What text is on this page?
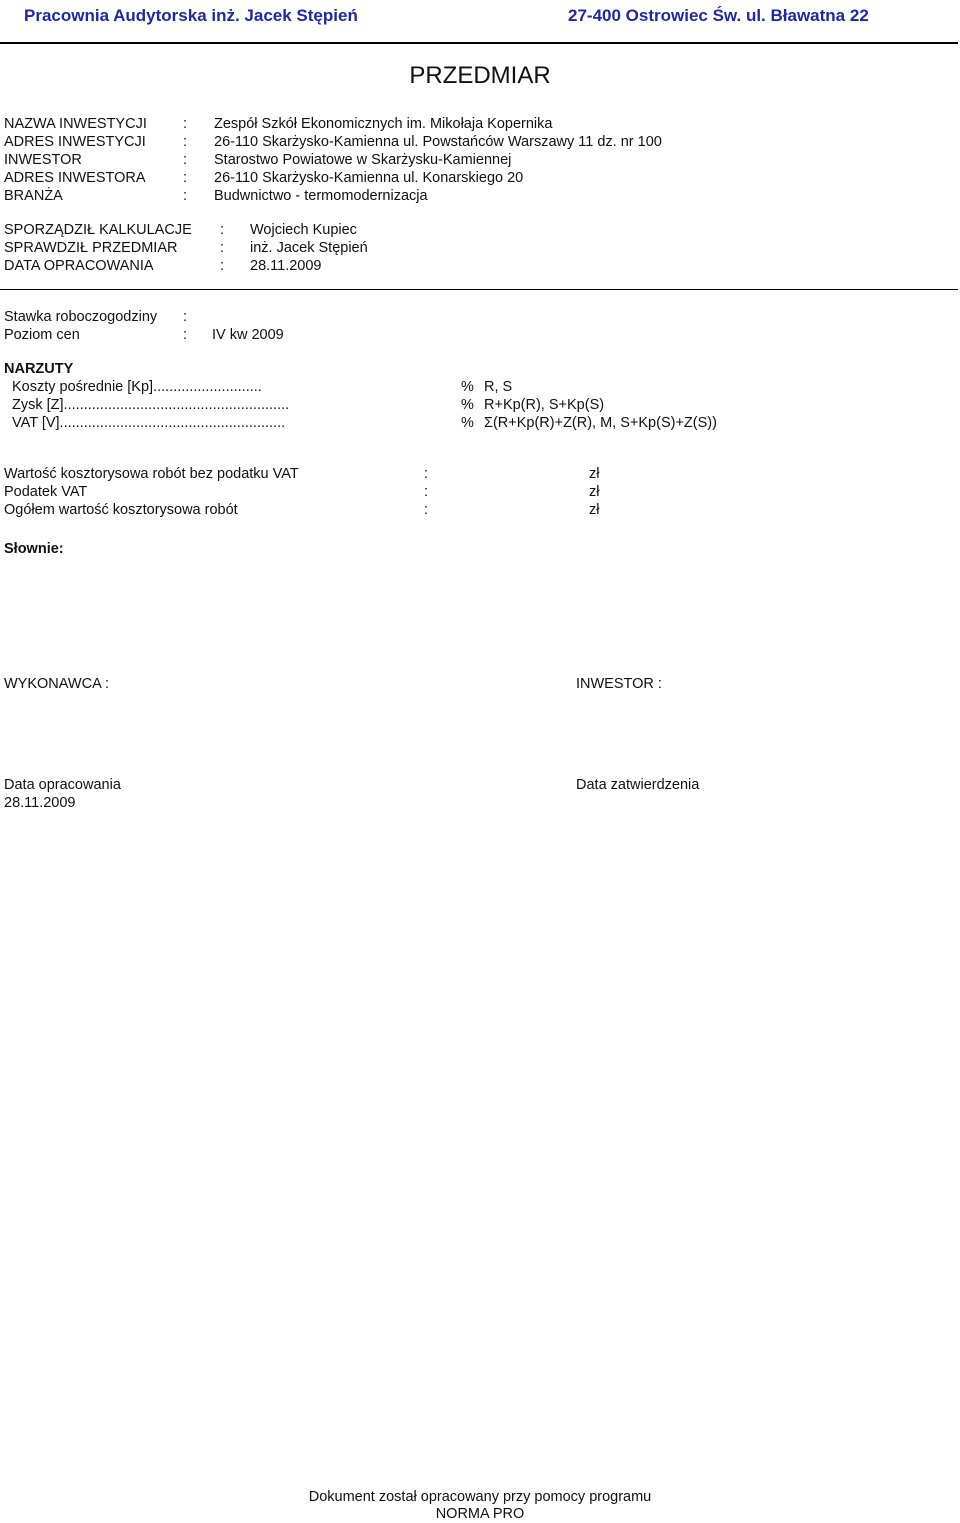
Pracownia Audytorska inż. Jacek Stępień	27-400 Ostrowiec Św. ul. Bławatna 22
PRZEDMIAR
NAZWA INWESTYCJI : Zespół Szkół Ekonomicznych im. Mikołaja Kopernika
ADRES INWESTYCJI	: 26-110 Skarżysko-Kamienna ul. Powstańców Warszawy 11 dz. nr 100
INWESTOR	: Starostwo Powiatowe w Skarżysku-Kamiennej
ADRES INWESTORA	: 26-110 Skarżysko-Kamienna ul. Konarskiego 20
BRANŻA	: Budwnictwo - termomodernizacja
SPORZĄDZIŁ KALKULACJE : Wojciech Kupiec
SPRAWDZIŁ PRZEDMIAR	: inż. Jacek Stępień
DATA OPRACOWANIA	: 28.11.2009
Stawka roboczogodziny :
Poziom cen	: IV kw 2009
NARZUTY
Koszty pośrednie [Kp]...........................	% R, S
Zysk [Z]........................................................	% R+Kp(R), S+Kp(S)
VAT [V]........................................................	% Σ(R+Kp(R)+Z(R), M, S+Kp(S)+Z(S))
Wartość kosztorysowa robót bez podatku VAT	:	zł
Podatek VAT	:	zł
Ogółem wartość kosztorysowa robót	:	zł
Słownie:
WYKONAWCA :	INWESTOR :
Data opracowania
28.11.2009
Data zatwierdzenia
Dokument został opracowany przy pomocy programu
NORMA PRO
